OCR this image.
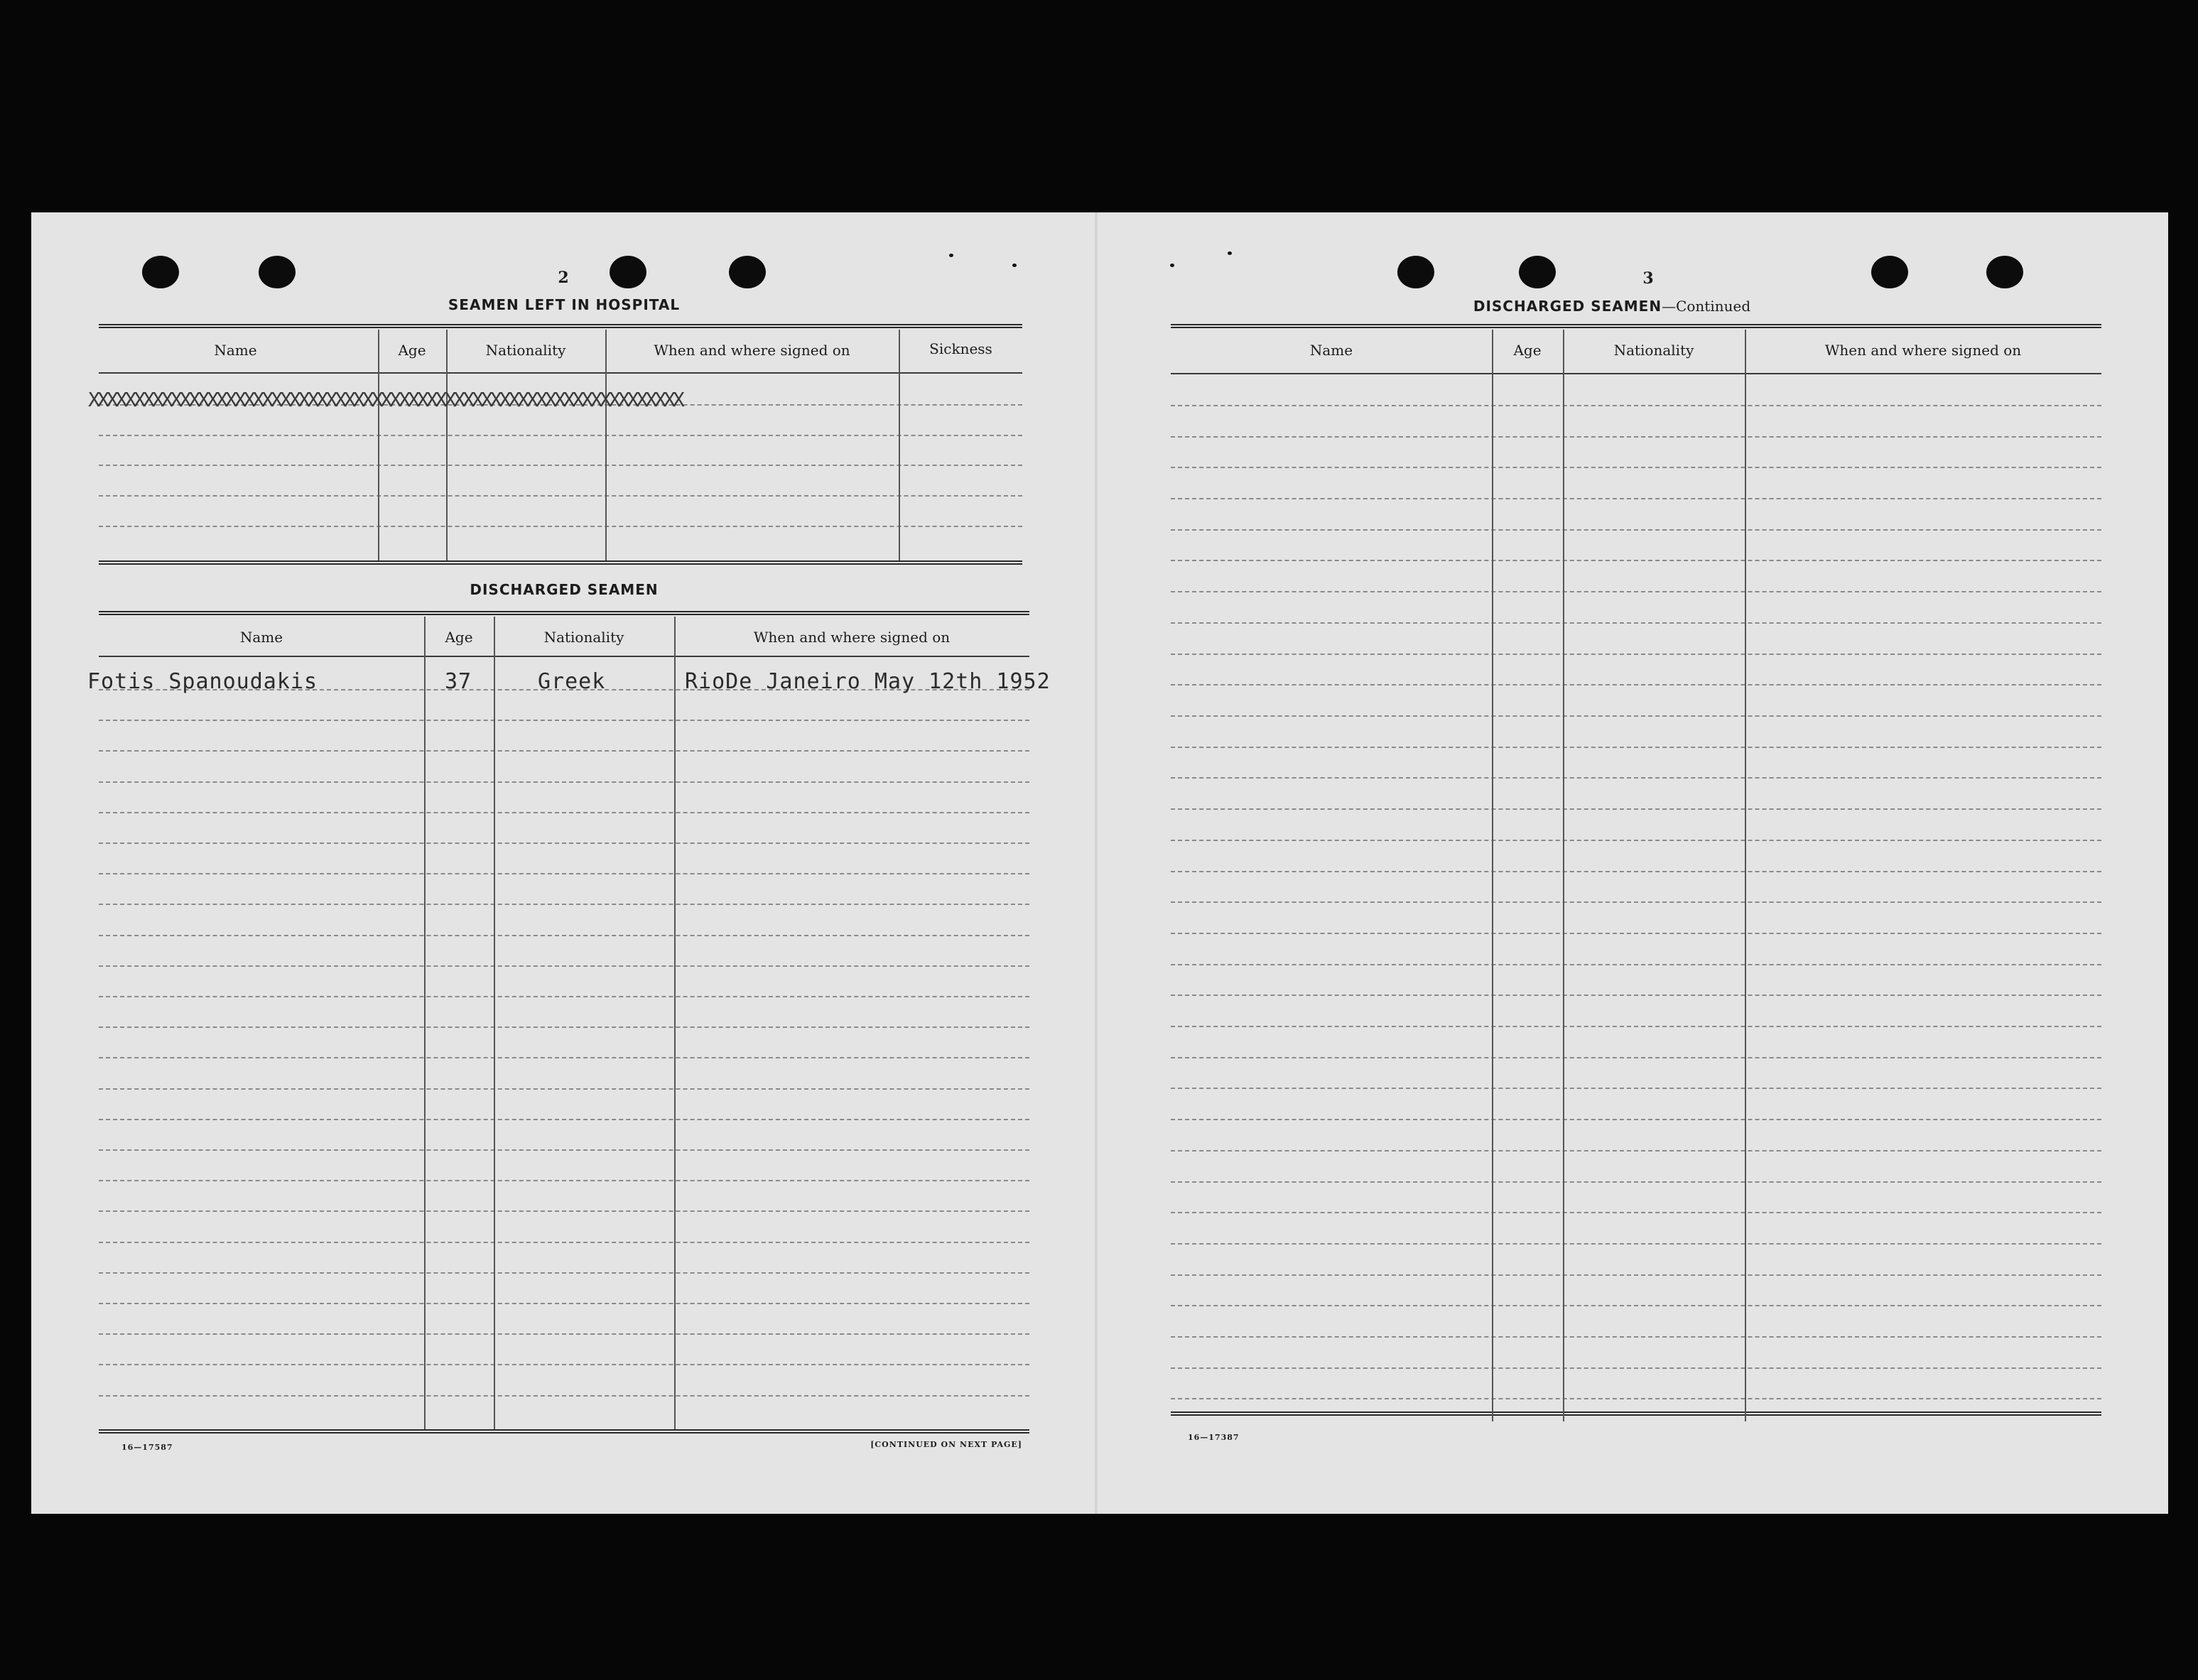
2
SEAMEN LEFT IN HOSPITAL
Name	Age	Nationality	When and where signed on	Sickness
XXXXXXXXXXXXXXXXXXXXXXXXXXXXXXXXXXXXXXXXXXXXXXXXXXXXXXXXXXXXXXXXX
DISCHARGED SEAMEN
Name	Age	Nationality	When and where signed on
Fotis Spanoudakis	37	Greek	RioDe Janeiro May 12th 1952
16—17587	[CONTINUED ON NEXT PAGE]
3
DISCHARGED SEAMEN—Continued
Name	Age	Nationality	When and where signed on
16—17387
